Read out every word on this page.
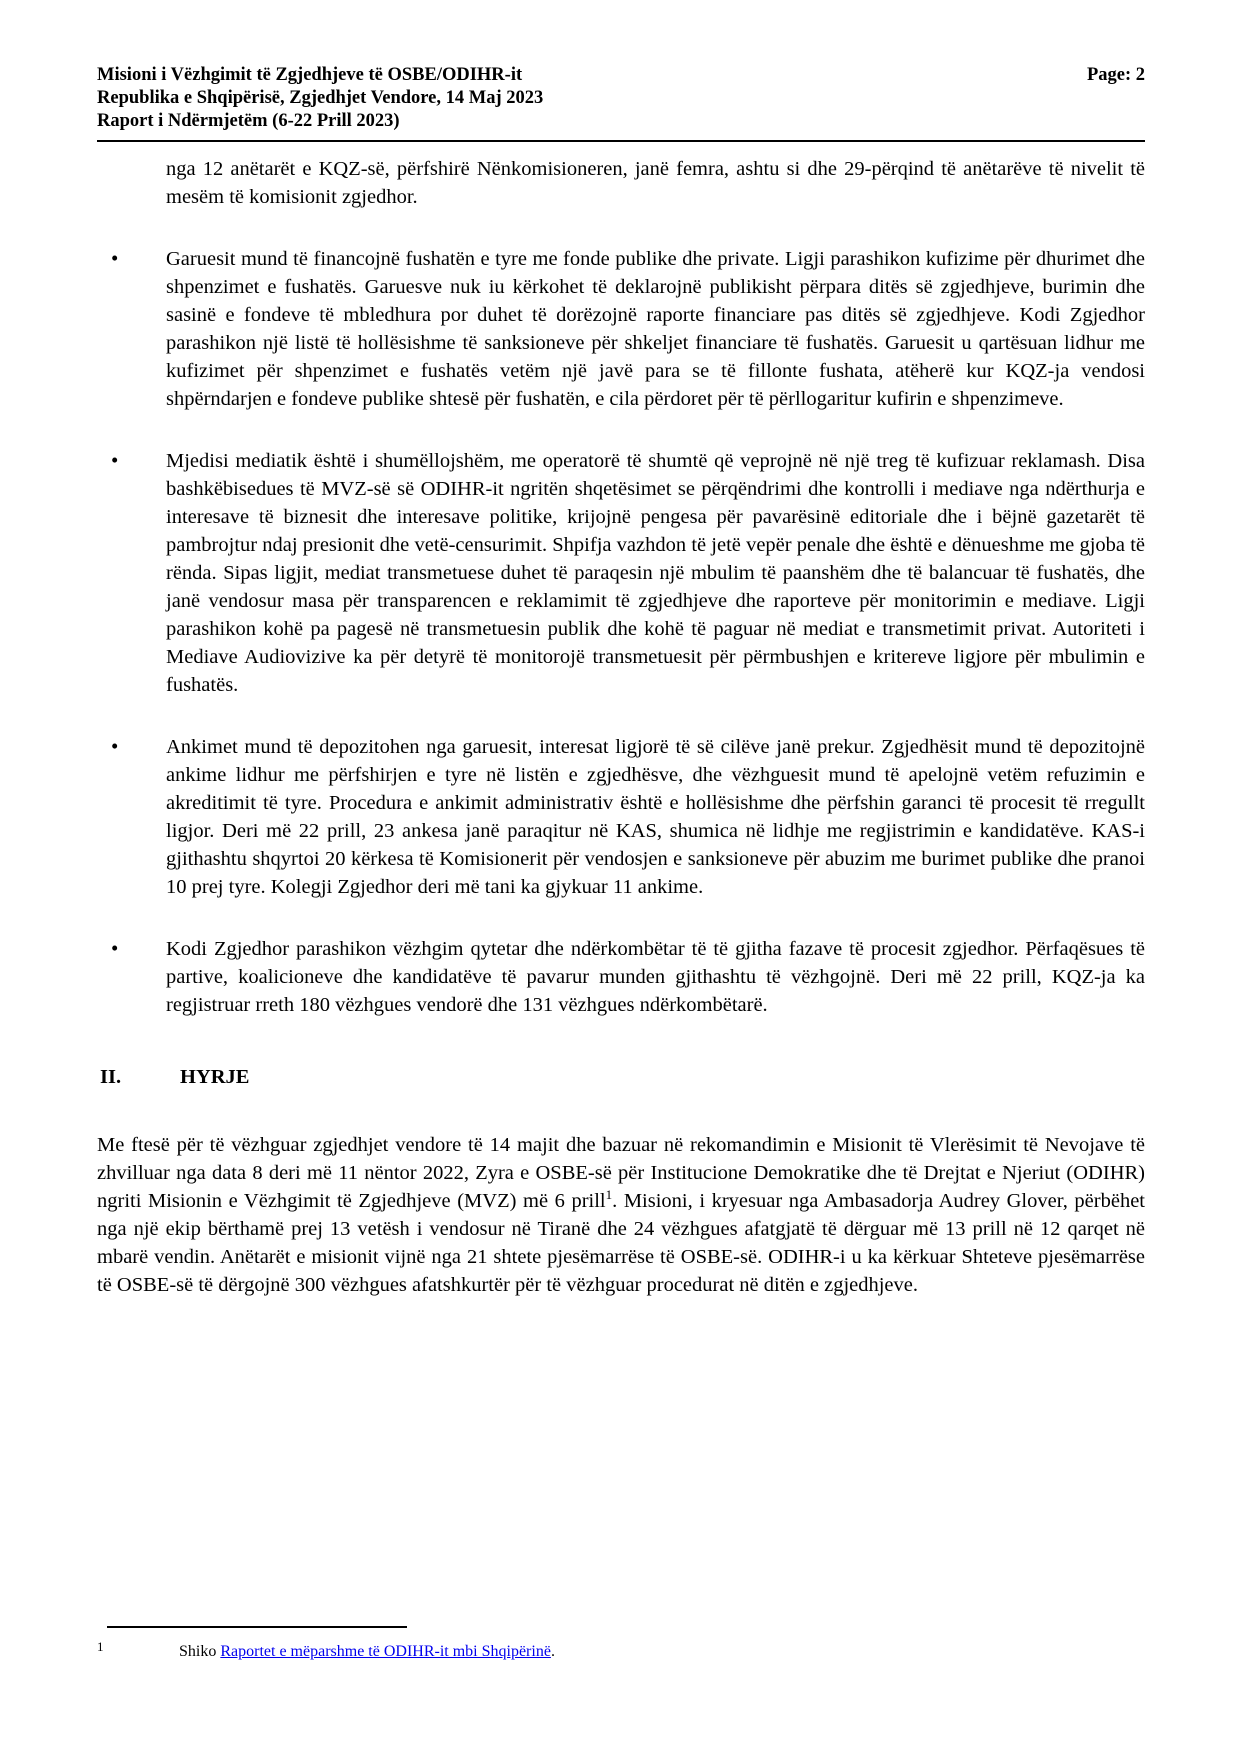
Misioni i Vëzhgimit të Zgjedhjeve të OSBE/ODIHR-it
Republika e Shqipërisë, Zgjedhjet Vendore, 14 Maj 2023
Raport i Ndërmjetëm (6-22 Prill 2023)
Page: 2

nga 12 anëtarët e KQZ-së, përfshirë Nënkomisioneren, janë femra, ashtu si dhe 29-përqind të anëtarëve të nivelit të mesëm të komisionit zgjedhor.

• Garuesit mund të financojnë fushatën e tyre me fonde publike dhe private. Ligji parashikon kufizime për dhurimet dhe shpenzimet e fushatës. Garuesve nuk iu kërkohet të deklarojnë publikisht përpara ditës së zgjedhjeve, burimin dhe sasinë e fondeve të mbledhura por duhet të dorëzojnë raporte financiare pas ditës së zgjedhjeve. Kodi Zgjedhor parashikon një listë të hollësishme të sanksioneve për shkeljet financiare të fushatës. Garuesit u qartësuan lidhur me kufizimet për shpenzimet e fushatës vetëm një javë para se të fillonte fushata, atëherë kur KQZ-ja vendosi shpërndarjen e fondeve publike shtesë për fushatën, e cila përdoret për të përllogaritur kufirin e shpenzimeve.
• Mjedisi mediatik është i shumëllojshëm, me operatorë të shumtë që veprojnë në një treg të kufizuar reklamash. Disa bashkëbisedues të MVZ-së së ODIHR-it ngritën shqetësimet se përqëndrimi dhe kontrolli i mediave nga ndërthurja e interesave të biznesit dhe interesave politike, krijojnë pengesa për pavarësinë editoriale dhe i bëjnë gazetarët të pambrojtur ndaj presionit dhe vetë-censurimit. Shpifja vazhdon të jetë vepër penale dhe është e dënueshme me gjoba të rënda. Sipas ligjit, mediat transmetuese duhet të paraqesin një mbulim të paanshëm dhe të balancuar të fushatës, dhe janë vendosur masa për transparencen e reklamimit të zgjedhjeve dhe raporteve për monitorimin e mediave. Ligji parashikon kohë pa pagesë në transmetuesin publik dhe kohë të paguar në mediat e transmetimit privat. Autoriteti i Mediave Audiovizive ka për detyrë të monitorojë transmetuesit për përmbushjen e kritereve ligjore për mbulimin e fushatës.
• Ankimet mund të depozitohen nga garuesit, interesat ligjorë të së cilëve janë prekur. Zgjedhësit mund të depozitojnë ankime lidhur me përfshirjen e tyre në listën e zgjedhësve, dhe vëzhguesit mund të apelojnë vetëm refuzimin e akreditimit të tyre. Procedura e ankimit administrativ është e hollësishme dhe përfshin garanci të procesit të rregullt ligjor. Deri më 22 prill, 23 ankesa janë paraqitur në KAS, shumica në lidhje me regjistrimin e kandidatëve. KAS-i gjithashtu shqyrtoi 20 kërkesa të Komisionerit për vendosjen e sanksioneve për abuzim me burimet publike dhe pranoi 10 prej tyre. Kolegji Zgjedhor deri më tani ka gjykuar 11 ankime.
• Kodi Zgjedhor parashikon vëzhgim qytetar dhe ndërkombëtar të të gjitha fazave të procesit zgjedhor. Përfaqësues të partive, koalicioneve dhe kandidatëve të pavarur munden gjithashtu të vëzhgojnë. Deri më 22 prill, KQZ-ja ka regjistruar rreth 180 vëzhgues vendorë dhe 131 vëzhgues ndërkombëtarë.
II.	HYRJE

Me ftesë për të vëzhguar zgjedhjet vendore të 14 majit dhe bazuar në rekomandimin e Misionit të Vlerësimit të Nevojave të zhvilluar nga data 8 deri më 11 nëntor 2022, Zyra e OSBE-së për Institucione Demokratike dhe të Drejtat e Njeriut (ODIHR) ngriti Misionin e Vëzhgimit të Zgjedhjeve (MVZ) më 6 prill$^1$. Misioni, i kryesuar nga Ambasadorja Audrey Glover, përbëhet nga një ekip bërthamë prej 13 vetësh i vendosur në Tiranë dhe 24 vëzhgues afatgjatë të dërguar më 13 prill në 12 qarqet në mbarë vendin. Anëtarët e misionit vijnë nga 21 shtete pjesëmarrëse të OSBE-së. ODIHR-i u ka kërkuar Shteteve pjesëmarrëse të OSBE-së të dërgojnë 300 vëzhgues afatshkurtër për të vëzhguar procedurat në ditën e zgjedhjeve.

1	Shiko Raportet e mëparshme të ODIHR-it mbi Shqipërinë.
